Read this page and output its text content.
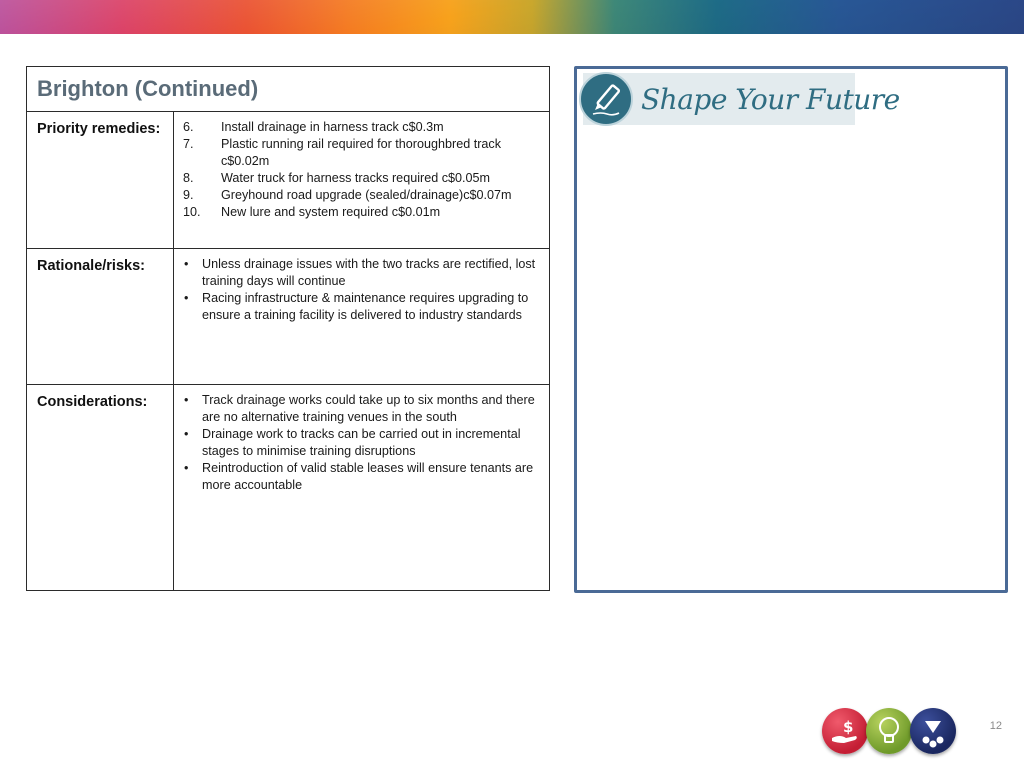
Brighton (Continued)
Priority remedies:	6.	Install drainage in harness track c$0.3m
7.	Plastic running rail required for thoroughbred track c$0.02m
8.	Water truck for harness tracks required c$0.05m
9.	Greyhound road upgrade (sealed/drainage)c$0.07m
10.	New lure and system required c$0.01m
Rationale/risks:	•	Unless drainage issues with the two tracks are rectified, lost training days will continue
•	Racing infrastructure & maintenance requires upgrading to ensure a training facility is delivered to industry standards
Considerations:	•	Track drainage works could take up to six months and there are no alternative training venues in the south
•	Drainage work to tracks can be carried out in incremental stages to minimise training disruptions
•	Reintroduction of valid stable leases will ensure tenants are more accountable
Shape Your Future
$	12
